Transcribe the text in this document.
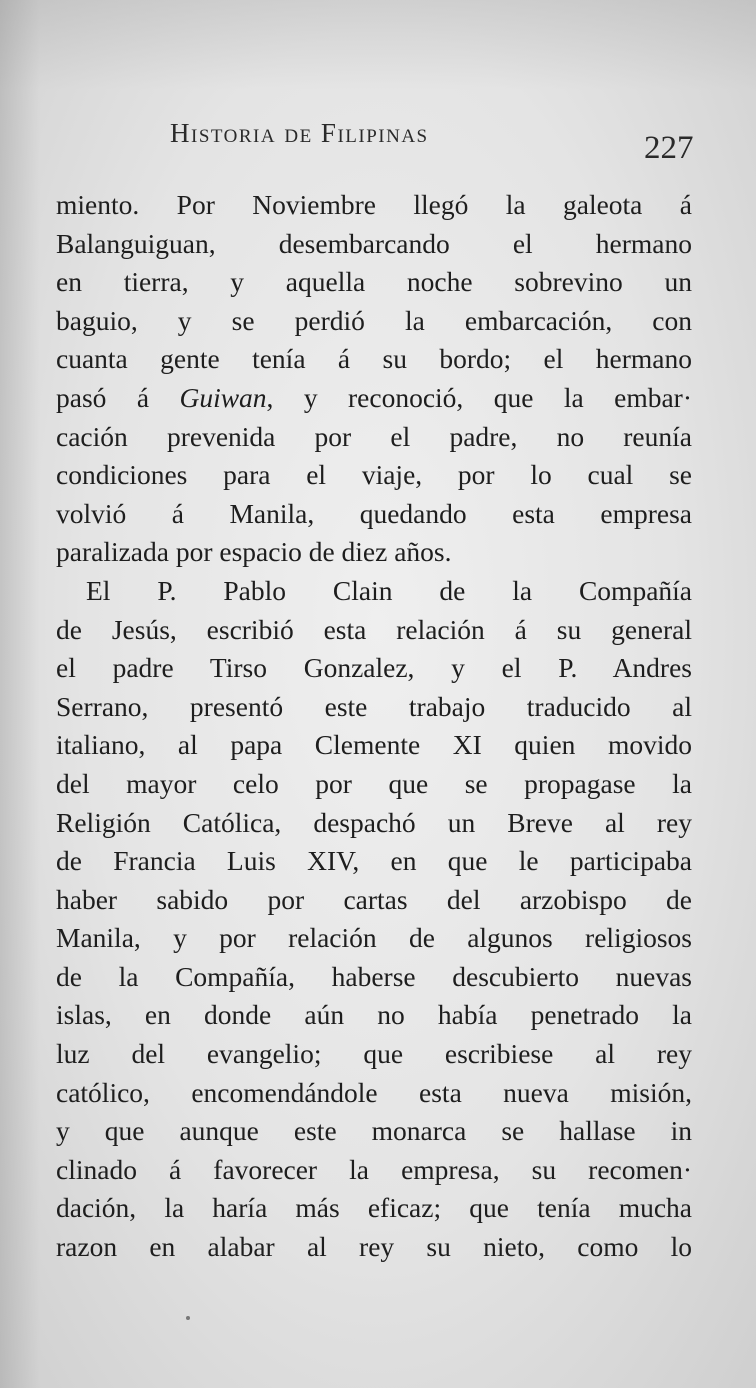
Historia de Filipinas	227
miento. Por Noviembre llegó la galeota á
Balanguiguan, desembarcando el hermano
en tierra, y aquella noche sobrevino un
baguio, y se perdió la embarcación, con
cuanta gente tenía á su bordo; el hermano
pasó á Guiwan, y reconoció, que la embar·
cación prevenida por el padre, no reunía
condiciones para el viaje, por lo cual se
volvió á Manila, quedando esta empresa
paralizada por espacio de diez años.
El P. Pablo Clain de la Compañía
de Jesús, escribió esta relación á su general
el padre Tirso Gonzalez, y el P. Andres
Serrano, presentó este trabajo traducido al
italiano, al papa Clemente XI quien movido
del mayor celo por que se propagase la
Religión Católica, despachó un Breve al rey
de Francia Luis XIV, en que le participaba
haber sabido por cartas del arzobispo de
Manila, y por relación de algunos religiosos
de la Compañía, haberse descubierto nuevas
islas, en donde aún no había penetrado la
luz del evangelio; que escribiese al rey
católico, encomendándole esta nueva misión,
y que aunque este monarca se hallase in
clinado á favorecer la empresa, su recomen·
dación, la haría más eficaz; que tenía mucha
razon en alabar al rey su nieto, como lo
